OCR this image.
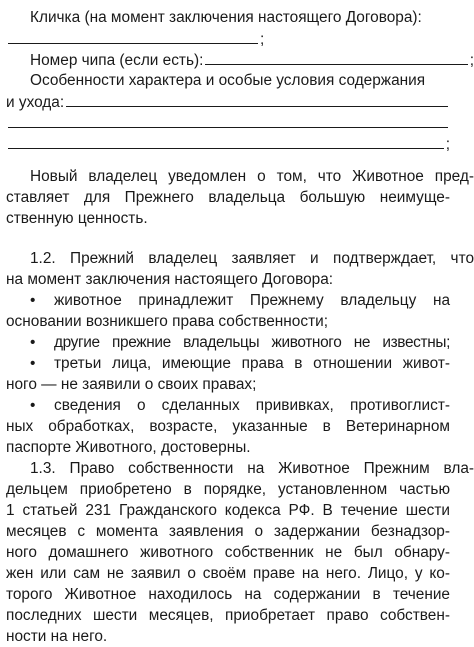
Кличка (на момент заключения настоящего Договора):
;
Номер чипа (если есть):	;
Особенности характера и особые условия содержания
и ухода:
;
Новый владелец уведомлен о том, что Животное пред-
ставляет для Прежнего владельца большую неимуще-
ственную ценность.
1.2. Прежний владелец заявляет и подтверждает, что
на момент заключения настоящего Договора:
•	животное принадлежит Прежнему владельцу на
основании возникшего права собственности;
•	другие прежние владельцы животного не известны;
•	третьи лица, имеющие права в отношении живот-
ного — не заявили о своих правах;
•	сведения о сделанных прививках, противоглист-
ных обработках, возрасте, указанные в Ветеринарном
паспорте Животного, достоверны.
1.3. Право собственности на Животное Прежним вла-
дельцем приобретено в порядке, установленном частью
1 статьей 231 Гражданского кодекса РФ. В течение шести
месяцев с момента заявления о задержании безнадзор-
ного домашнего животного собственник не был обнару-
жен или сам не заявил о своём праве на него. Лицо, у ко-
торого Животное находилось на содержании в течение
последних шести месяцев, приобретает право собствен-
ности на него.
